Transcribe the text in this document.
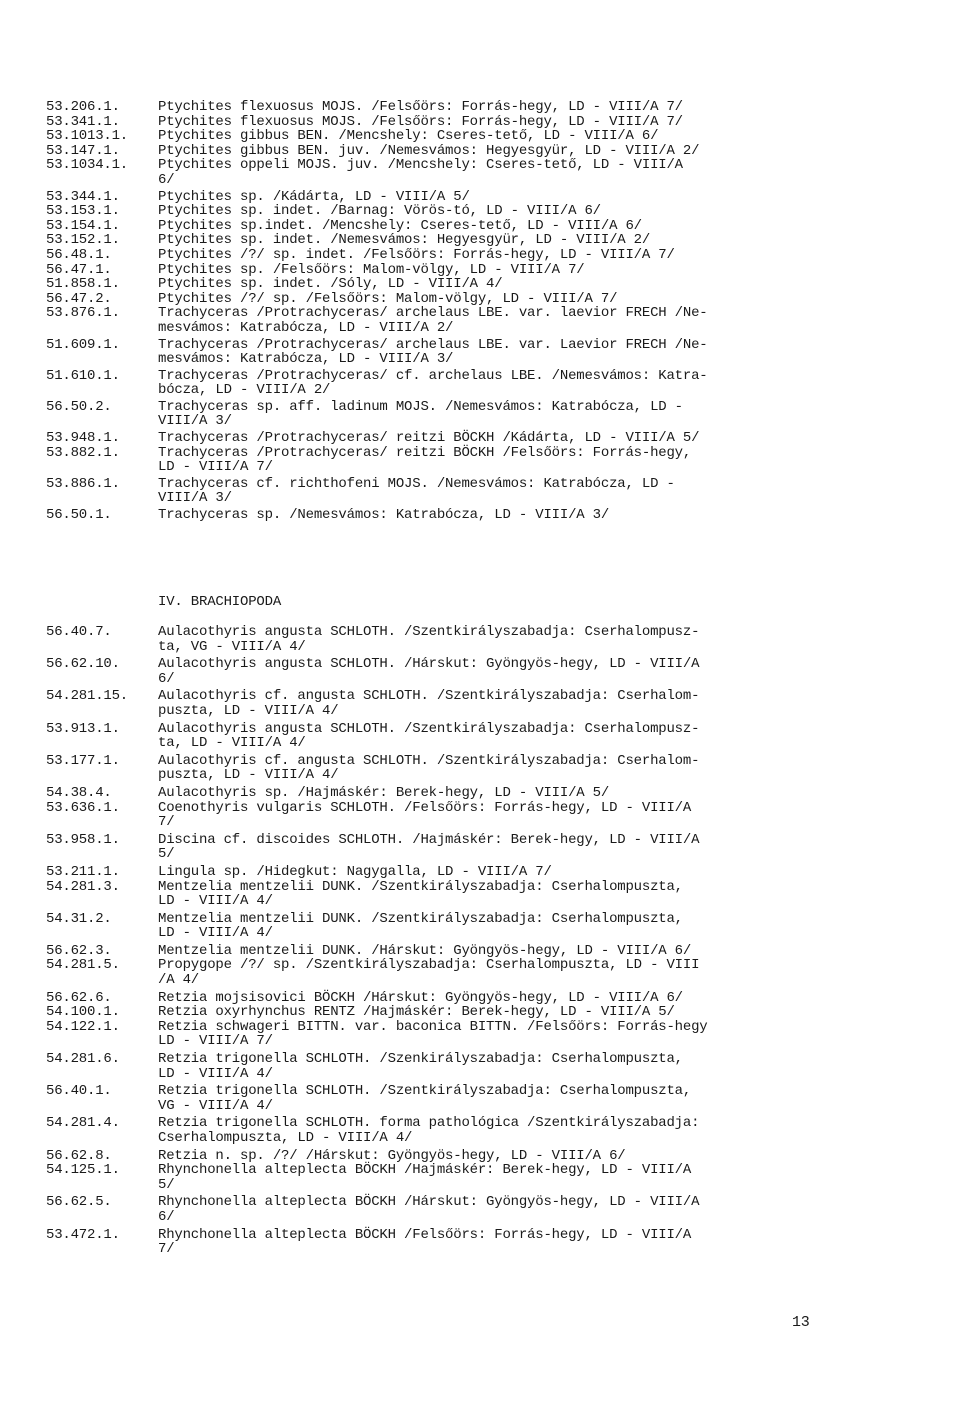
53.206.1.	Ptychites flexuosus MOJS. /Felsőörs: Forrás-hegy, LD - VIII/A 7/
53.341.1.	Ptychites flexuosus MOJS. /Felsőörs: Forrás-hegy, LD - VIII/A 7/
53.1013.1.	Ptychites gibbus BEN. /Mencshely: Cseres-tető, LD - VIII/A 6/
53.147.1.	Ptychites gibbus BEN. juv. /Nemesvámos: Hegyesgyür, LD - VIII/A 2/
53.1034.1.	Ptychites oppeli MOJS. juv. /Mencshely: Cseres-tető, LD - VIII/A
6/
53.344.1.	Ptychites sp. /Kádárta, LD - VIII/A 5/
53.153.1.	Ptychites sp. indet. /Barnag: Vörös-tó, LD - VIII/A 6/
53.154.1.	Ptychites sp.indet. /Mencshely: Cseres-tető, LD - VIII/A 6/
53.152.1.	Ptychites sp. indet. /Nemesvámos: Hegyesgyür, LD - VIII/A 2/
56.48.1.	Ptychites /?/ sp. indet. /Felsőörs: Forrás-hegy, LD - VIII/A 7/
56.47.1.	Ptychites sp. /Felsőörs: Malom-völgy, LD - VIII/A 7/
51.858.1.	Ptychites sp. indet. /Sóly, LD - VIII/A 4/
56.47.2.	Ptychites /?/ sp. /Felsőörs: Malom-völgy, LD - VIII/A 7/
53.876.1.	Trachyceras /Protrachyceras/ archelaus LBE. var. laevior FRECH /Ne-
mesvámos: Katrabócza, LD - VIII/A 2/
51.609.1.	Trachyceras /Protrachyceras/ archelaus LBE. var. Laevior FRECH /Ne-
mesvámos: Katrabócza, LD - VIII/A 3/
51.610.1.	Trachyceras /Protrachyceras/ cf. archelaus LBE. /Nemesvámos: Katra-
bócza, LD - VIII/A 2/
56.50.2.	Trachyceras sp. aff. ladinum MOJS. /Nemesvámos: Katrabócza, LD -
VIII/A 3/
53.948.1.	Trachyceras /Protrachyceras/ reitzi BÖCKH /Kádárta, LD - VIII/A 5/
53.882.1.	Trachyceras /Protrachyceras/ reitzi BÖCKH /Felsőörs: Forrás-hegy,
LD - VIII/A 7/
53.886.1.	Trachyceras cf. richthofeni MOJS. /Nemesvámos: Katrabócza, LD -
VIII/A 3/
56.50.1.	Trachyceras sp. /Nemesvámos: Katrabócza, LD - VIII/A 3/
IV. BRACHIOPODA
56.40.7.	Aulacothyris angusta SCHLOTH. /Szentkirályszabadja: Cserhalompusz-
ta, VG - VIII/A 4/
56.62.10.	Aulacothyris angusta SCHLOTH. /Hárskut: Gyöngyös-hegy, LD - VIII/A
6/
54.281.15.	Aulacothyris cf. angusta SCHLOTH. /Szentkirályszabadja: Cserhalom-
puszta, LD - VIII/A 4/
53.913.1.	Aulacothyris angusta SCHLOTH. /Szentkirályszabadja: Cserhalompusz-
ta, LD - VIII/A 4/
53.177.1.	Aulacothyris cf. angusta SCHLOTH. /Szentkirályszabadja: Cserhalom-
puszta, LD - VIII/A 4/
54.38.4.	Aulacothyris sp. /Hajmáskér: Berek-hegy, LD - VIII/A 5/
53.636.1.	Coenothyris vulgaris SCHLOTH. /Felsőörs: Forrás-hegy, LD - VIII/A
7/
53.958.1.	Discina cf. discoides SCHLOTH. /Hajmáskér: Berek-hegy, LD - VIII/A
5/
53.211.1.	Lingula sp. /Hidegkut: Nagygalla, LD - VIII/A 7/
54.281.3.	Mentzelia mentzelii DUNK. /Szentkirályszabadja: Cserhalompuszta,
LD - VIII/A 4/
54.31.2.	Mentzelia mentzelii DUNK. /Szentkirályszabadja: Cserhalompuszta,
LD - VIII/A 4/
56.62.3.	Mentzelia mentzelii DUNK. /Hárskut: Gyöngyös-hegy, LD - VIII/A 6/
54.281.5.	Propygope /?/ sp. /Szentkirályszabadja: Cserhalompuszta, LD - VIII
/A 4/
56.62.6.	Retzia mojsisovici BÖCKH /Hárskut: Gyöngyös-hegy, LD - VIII/A 6/
54.100.1.	Retzia oxyrhynchus RENTZ /Hajmáskér: Berek-hegy, LD - VIII/A 5/
54.122.1.	Retzia schwageri BITTN. var. baconica BITTN. /Felsőörs: Forrás-hegy
LD - VIII/A 7/
54.281.6.	Retzia trigonella SCHLOTH. /Szenkirályszabadja: Cserhalompuszta,
LD - VIII/A 4/
56.40.1.	Retzia trigonella SCHLOTH. /Szentkirályszabadja: Cserhalompuszta,
VG - VIII/A 4/
54.281.4.	Retzia trigonella SCHLOTH. forma pathológica /Szentkirályszabadja:
Cserhalompuszta, LD - VIII/A 4/
56.62.8.	Retzia n. sp. /?/ /Hárskut: Gyöngyös-hegy, LD - VIII/A 6/
54.125.1.	Rhynchonella alteplecta BÖCKH /Hajmáskér: Berek-hegy, LD - VIII/A
5/
56.62.5.	Rhynchonella alteplecta BÖCKH /Hárskut: Gyöngyös-hegy, LD - VIII/A
6/
53.472.1.	Rhynchonella alteplecta BÖCKH /Felsőörs: Forrás-hegy, LD - VIII/A
7/
13
